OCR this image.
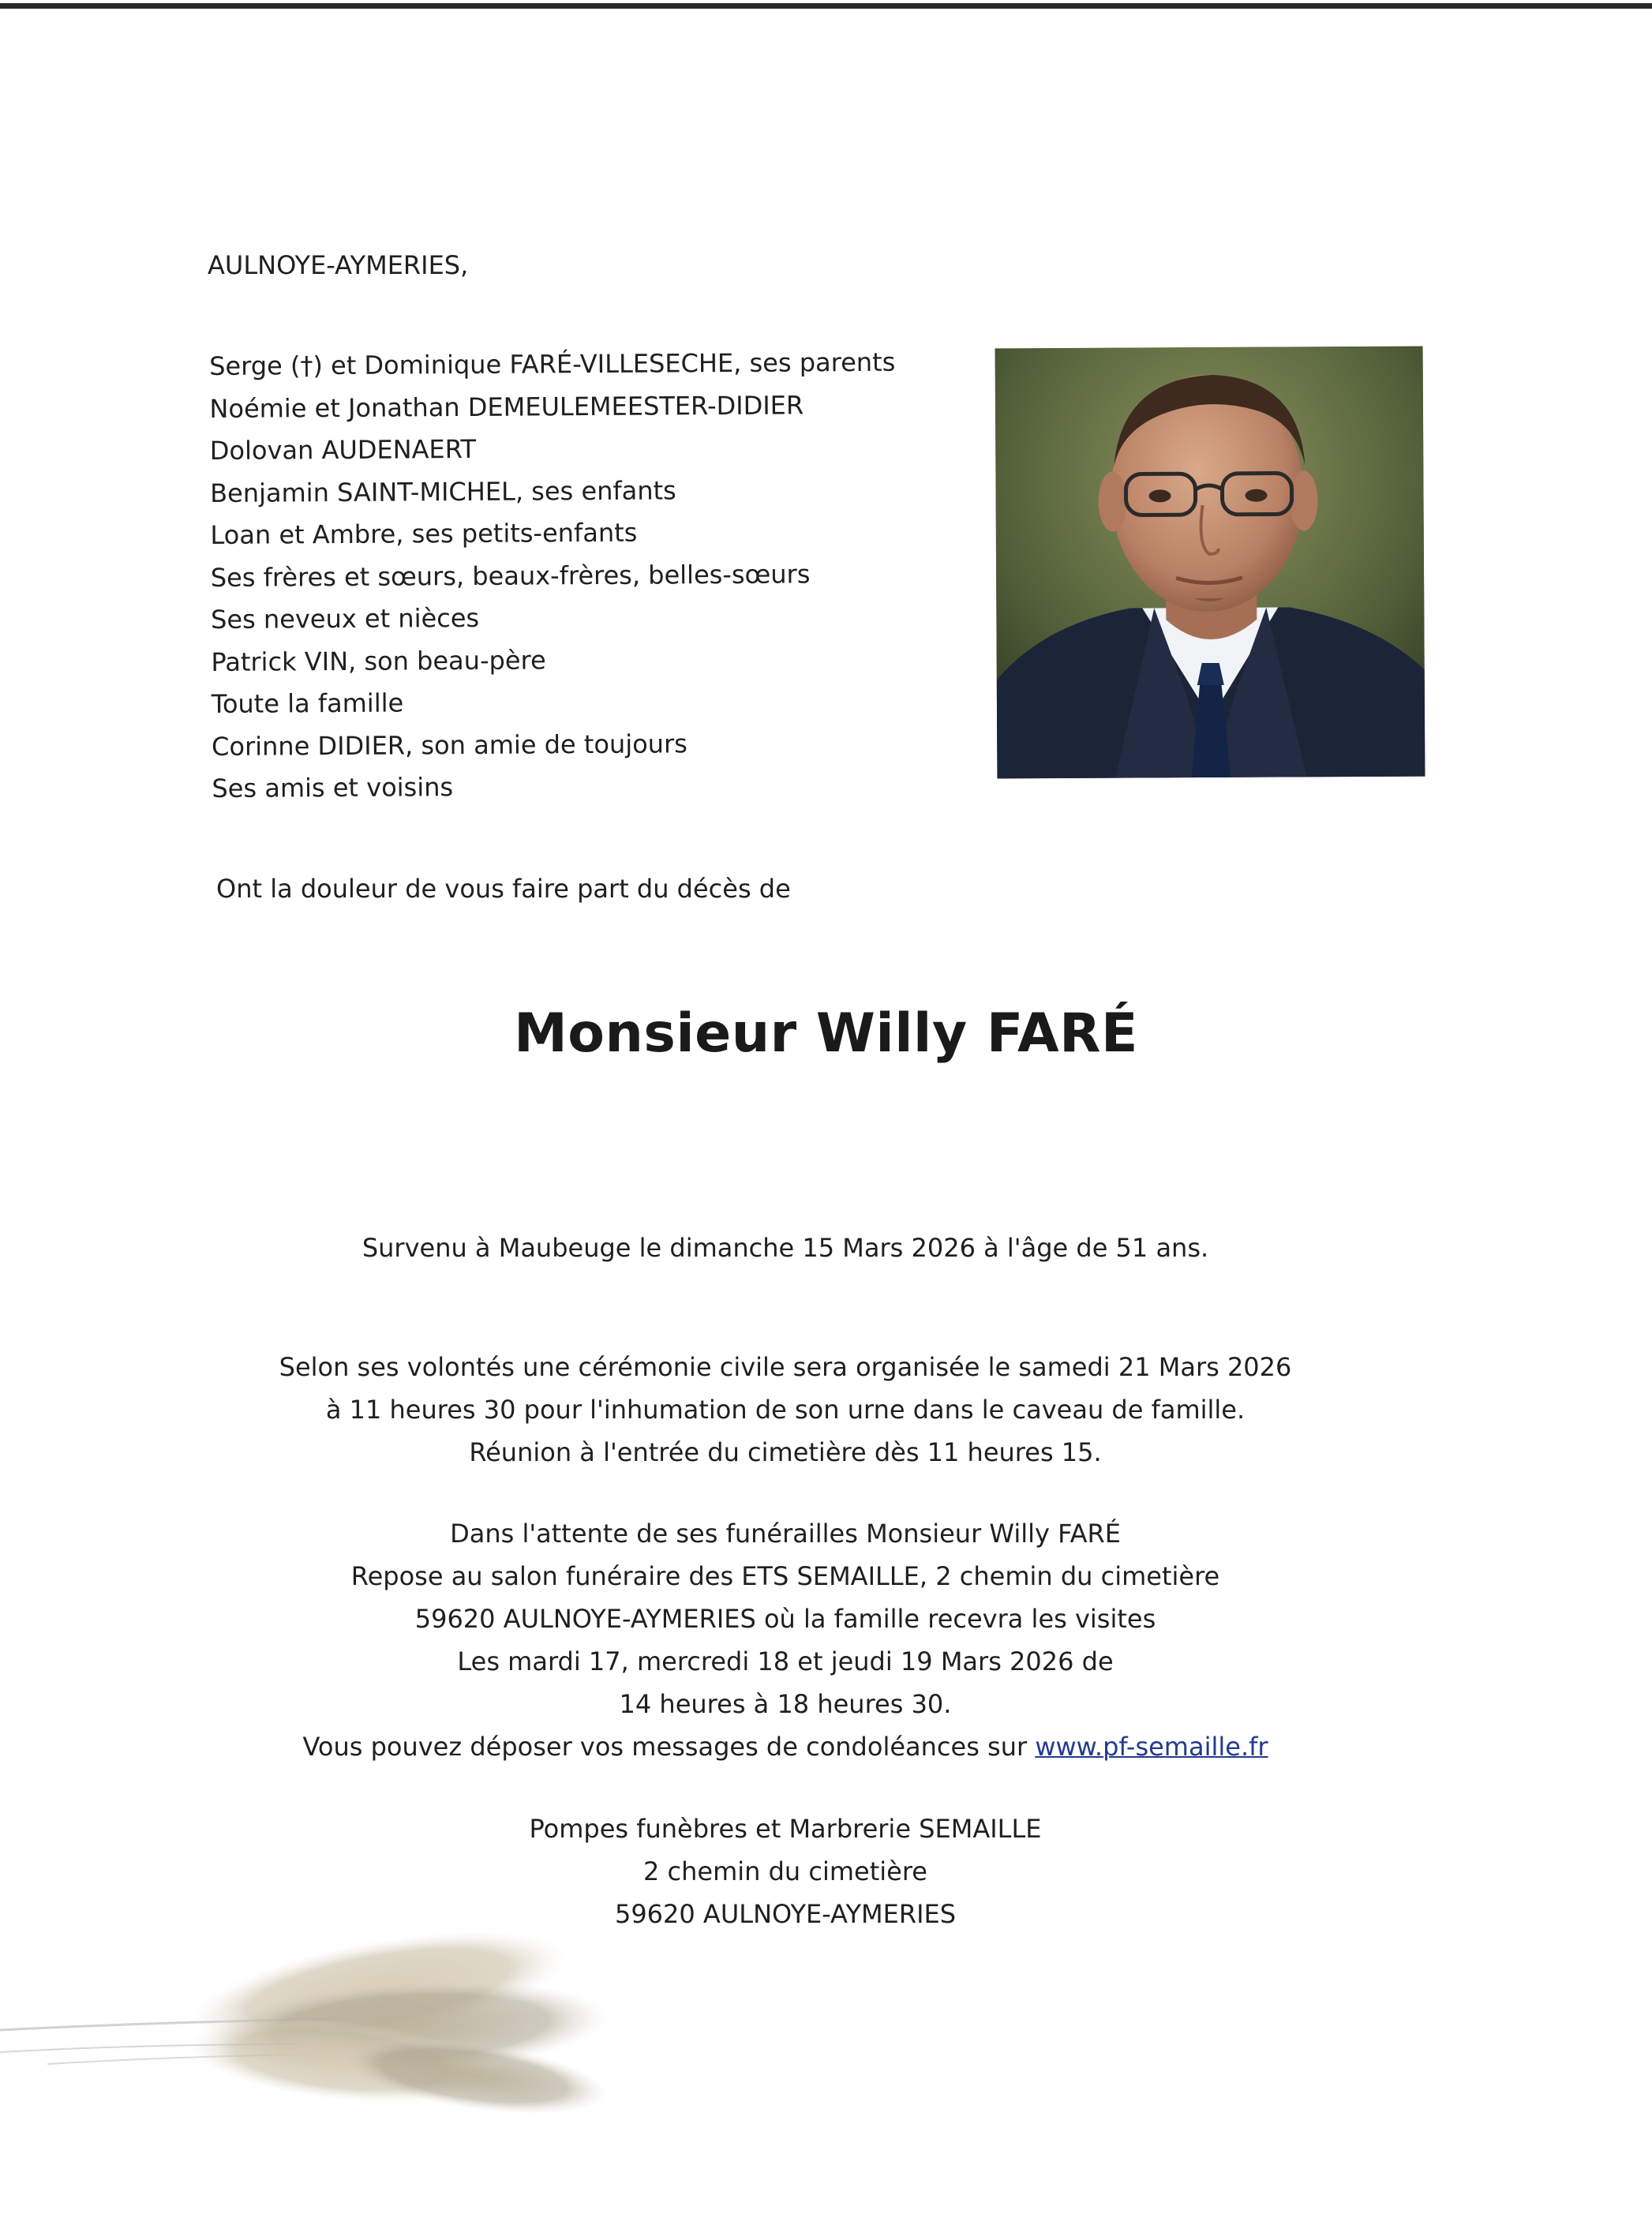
AULNOYE-AYMERIES,
Serge (†) et Dominique FARÉ-VILLESECHE, ses parents
Noémie et Jonathan DEMEULEMEESTER-DIDIER
Dolovan AUDENAERT
Benjamin SAINT-MICHEL, ses enfants
Loan et Ambre, ses petits-enfants
Ses frères et sœurs, beaux-frères, belles-sœurs
Ses neveux et nièces
Patrick VIN, son beau-père
Toute la famille
Corinne DIDIER, son amie de toujours
Ses amis et voisins
Ont la douleur de vous faire part du décès de
Monsieur Willy FARÉ
Survenu à Maubeuge le dimanche 15 Mars 2026 à l'âge de 51 ans.
Selon ses volontés une cérémonie civile sera organisée le samedi 21 Mars 2026
à 11 heures 30 pour l'inhumation de son urne dans le caveau de famille.
Réunion à l'entrée du cimetière dès 11 heures 15.
Dans l'attente de ses funérailles Monsieur Willy FARÉ
Repose au salon funéraire des ETS SEMAILLE, 2 chemin du cimetière
59620 AULNOYE-AYMERIES où la famille recevra les visites
Les mardi 17, mercredi 18 et jeudi 19 Mars 2026 de
14 heures à 18 heures 30.
Vous pouvez déposer vos messages de condoléances sur www.pf-semaille.fr
Pompes funèbres et Marbrerie SEMAILLE
2 chemin du cimetière
59620 AULNOYE-AYMERIES
